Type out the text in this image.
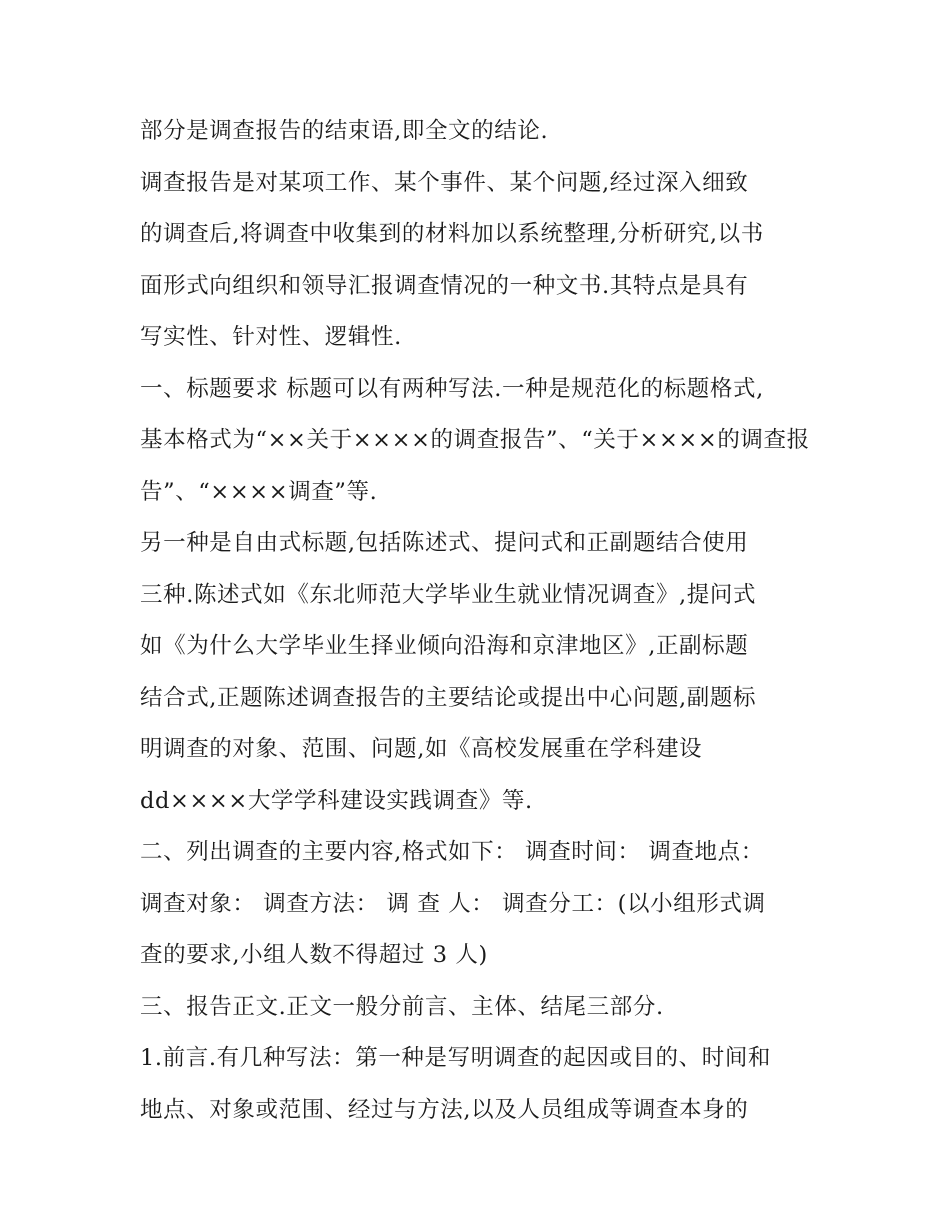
部分是调查报告的结束语,即全文的结论.
调查报告是对某项工作、某个事件、某个问题,经过深入细致
的调查后,将调查中收集到的材料加以系统整理,分析研究,以书
面形式向组织和领导汇报调查情况的一种文书.其特点是具有
写实性、针对性、逻辑性.
一、标题要求 标题可以有两种写法.一种是规范化的标题格式,
基本格式为“××关于××××的调查报告”、“关于××××的调查报
告”、“××××调查”等.
另一种是自由式标题,包括陈述式、提问式和正副题结合使用
三种.陈述式如《东北师范大学毕业生就业情况调查》,提问式
如《为什么大学毕业生择业倾向沿海和京津地区》,正副标题
结合式,正题陈述调查报告的主要结论或提出中心问题,副题标
明调查的对象、范围、问题,如《高校发展重在学科建设
dd××××大学学科建设实践调查》等.
二、列出调查的主要内容,格式如下： 调查时间： 调查地点：
调查对象： 调查方法： 调 查 人： 调查分工：(以小组形式调
查的要求,小组人数不得超过 3 人)
三、报告正文.正文一般分前言、主体、结尾三部分.
1.前言.有几种写法：第一种是写明调查的起因或目的、时间和
地点、对象或范围、经过与方法,以及人员组成等调查本身的
